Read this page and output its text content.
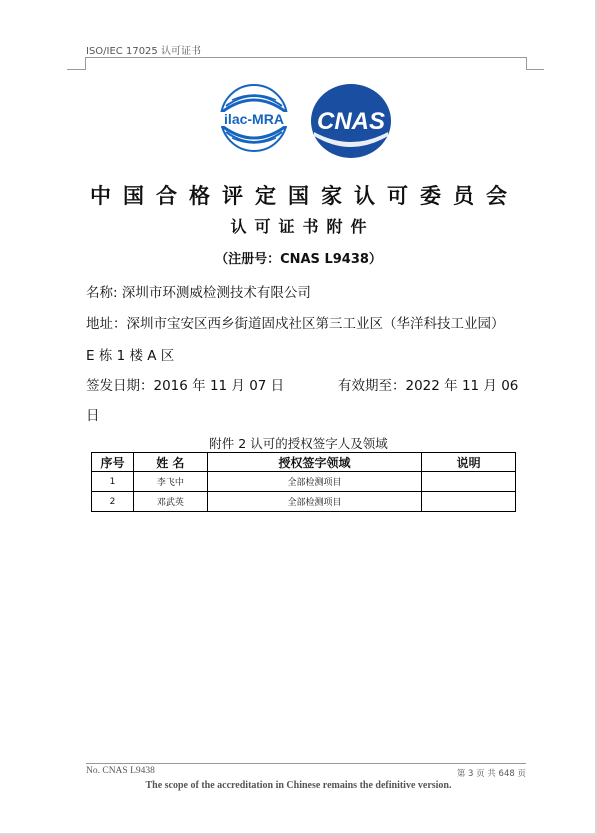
ISO/IEC 17025 认可证书
ilac-MRA CNAS
中国合格评定国家认可委员会
认可证书附件
（注册号：CNAS L9438）
名称: 深圳市环测威检测技术有限公司
地址：深圳市宝安区西乡街道固戍社区第三工业区（华洋科技工业园）
E 栋 1 楼 A 区
签发日期：2016 年 11 月 07 日	有效期至：2022 年 11 月 06
日
附件 2 认可的授权签字人及领域
序号	姓 名	授权签字领域	说明
1	李飞中	全部检测项目	
2	邓武英	全部检测项目	
No. CNAS L9438	第 3 页 共 648 页
The scope of the accreditation in Chinese remains the definitive version.
